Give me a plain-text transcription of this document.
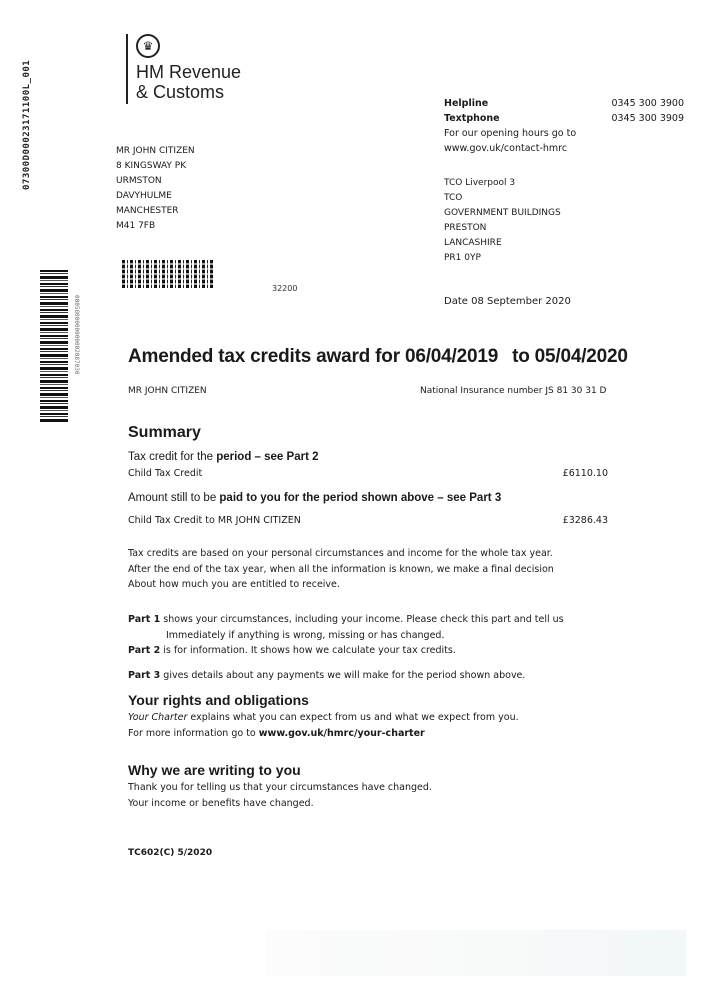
07300D00023171100L_001
0005800000000002087030
♛
HM Revenue
& Customs
Helpline	0345 300 3900
Textphone	0345 300 3909
For our opening hours go to
www.gov.uk/contact-hmrc
MR JOHN CITIZEN
8 KINGSWAY PK
URMSTON
DAVYHULME
MANCHESTER
M41 7FB
TCO Liverpool 3
TCO
GOVERNMENT BUILDINGS
PRESTON
LANCASHIRE
PR1 0YP
32200
Date 08 September 2020
Amended tax credits award for 06/04/2019 to 05/04/2020
MR JOHN CITIZEN	National Insurance number JS 81 30 31 D
Summary
Tax credit for the period – see Part 2
Child Tax Credit	£6110.10
Amount still to be paid to you for the period shown above – see Part 3
Child Tax Credit to MR JOHN CITIZEN	£3286.43
Tax credits are based on your personal circumstances and income for the whole tax year.
After the end of the tax year, when all the information is known, we make a final decision
About how much you are entitled to receive.
Part 1 shows your circumstances, including your income. Please check this part and tell us
Immediately if anything is wrong, missing or has changed.
Part 2 is for information. It shows how we calculate your tax credits.
Part 3 gives details about any payments we will make for the period shown above.
Your rights and obligations
Your Charter explains what you can expect from us and what we expect from you.
For more information go to www.gov.uk/hmrc/your-charter
Why we are writing to you
Thank you for telling us that your circumstances have changed.
Your income or benefits have changed.
TC602(C) 5/2020
